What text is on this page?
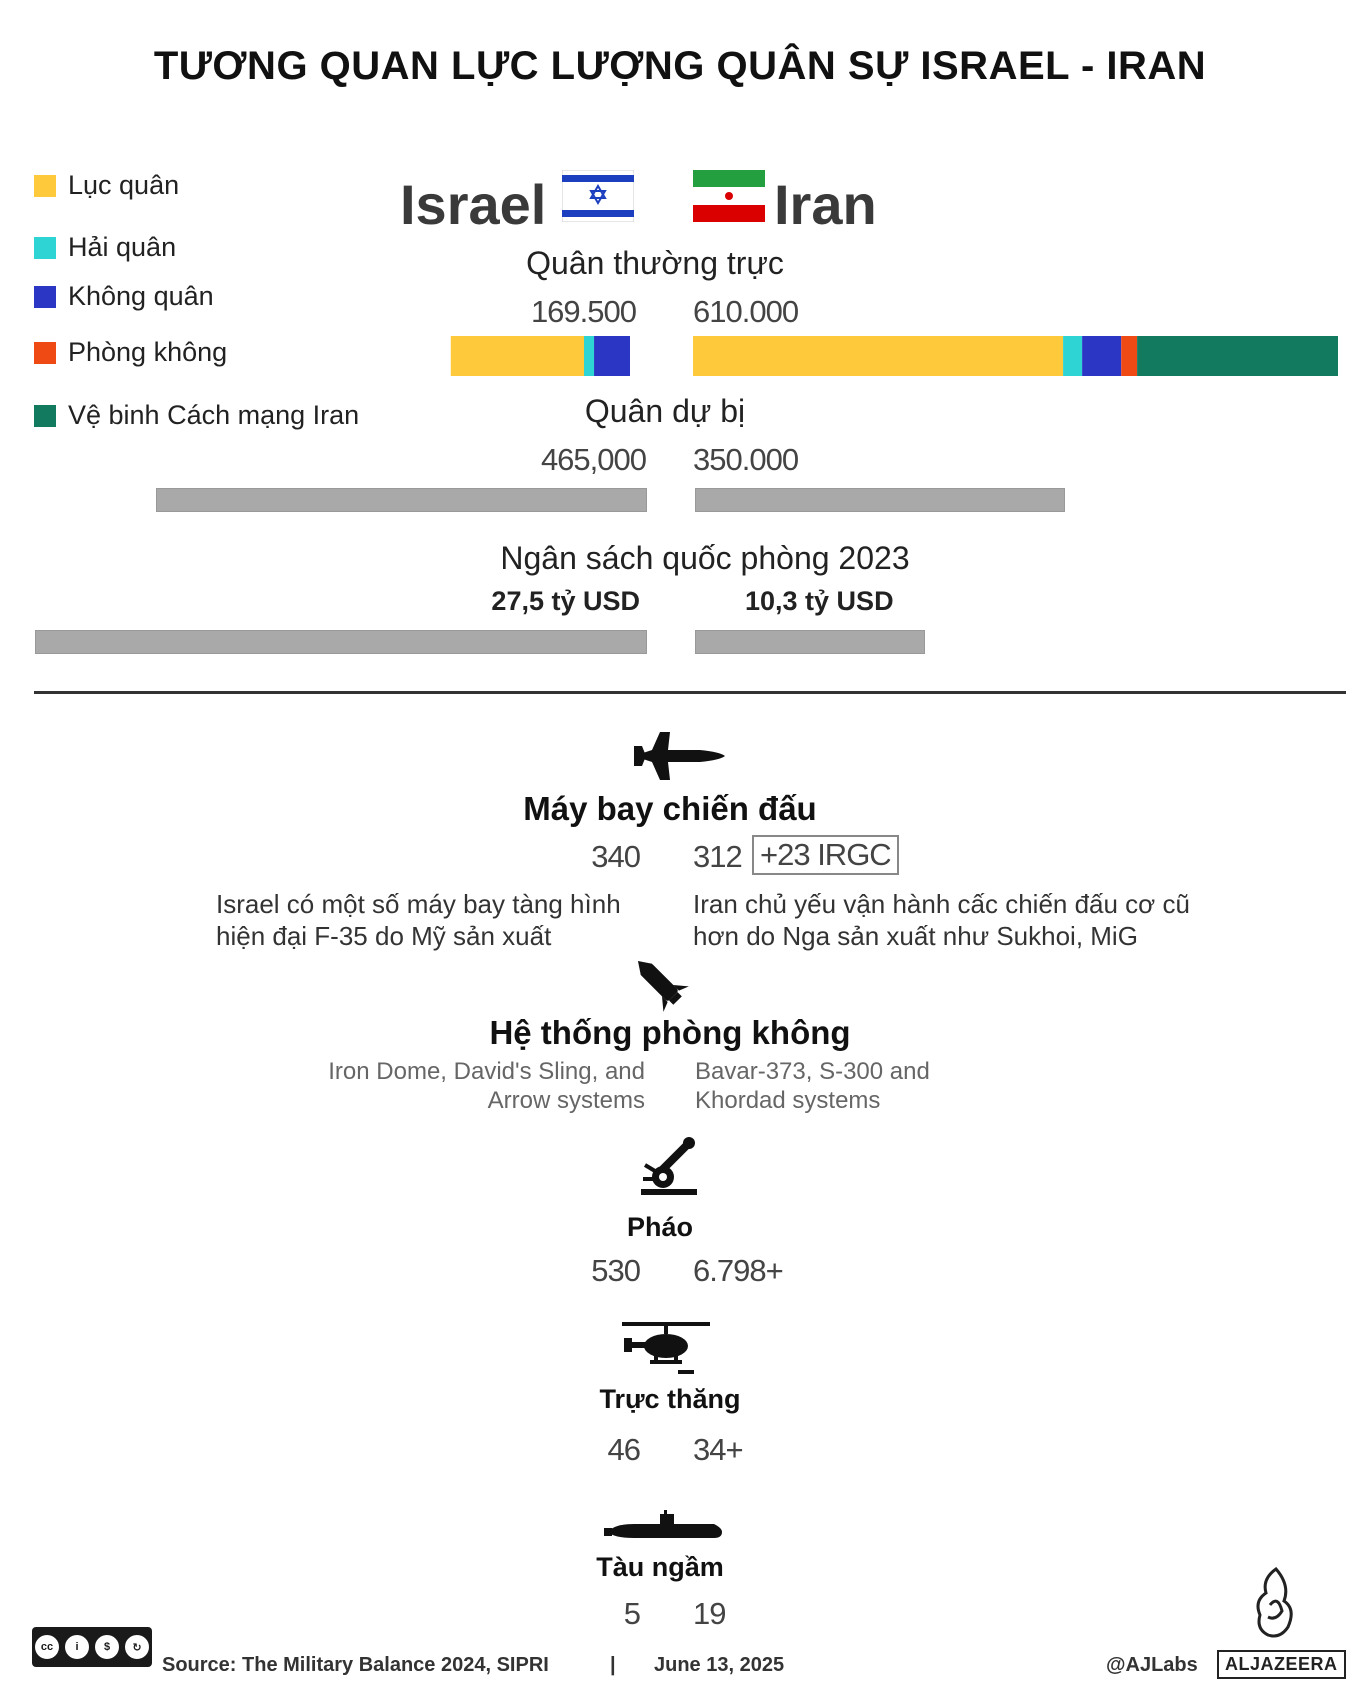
TƯƠNG QUAN LỰC LƯỢNG QUÂN SỰ ISRAEL - IRAN
Lục quân
Hải quân
Không quân
Phòng không
Vệ binh Cách mạng Iran
Israel	Iran
Quân thường trực
169.500 610.000
Quân dự bị
465,000 350.000
Ngân sách quốc phòng 2023
27,5 tỷ USD	10,3 tỷ USD
Máy bay chiến đấu
340 312 +23 IRGC
Israel có một số máy bay tàng hình
hiện đại F-35 do Mỹ sản xuất
Iran chủ yếu vận hành cấc chiến đấu cơ cũ
hơn do Nga sản xuất như Sukhoi, MiG
Hệ thống phòng không
Iron Dome, David's Sling, and
Arrow systems
Bavar-373, S-300 and
Khordad systems
Pháo
530 6.798+
Trực thăng
46 34+
Tàu ngầm
5 19
cc	i	$	↻
Source: The Military Balance 2024, SIPRI	| June 13, 2025	@AJLabs	ALJAZEERA
